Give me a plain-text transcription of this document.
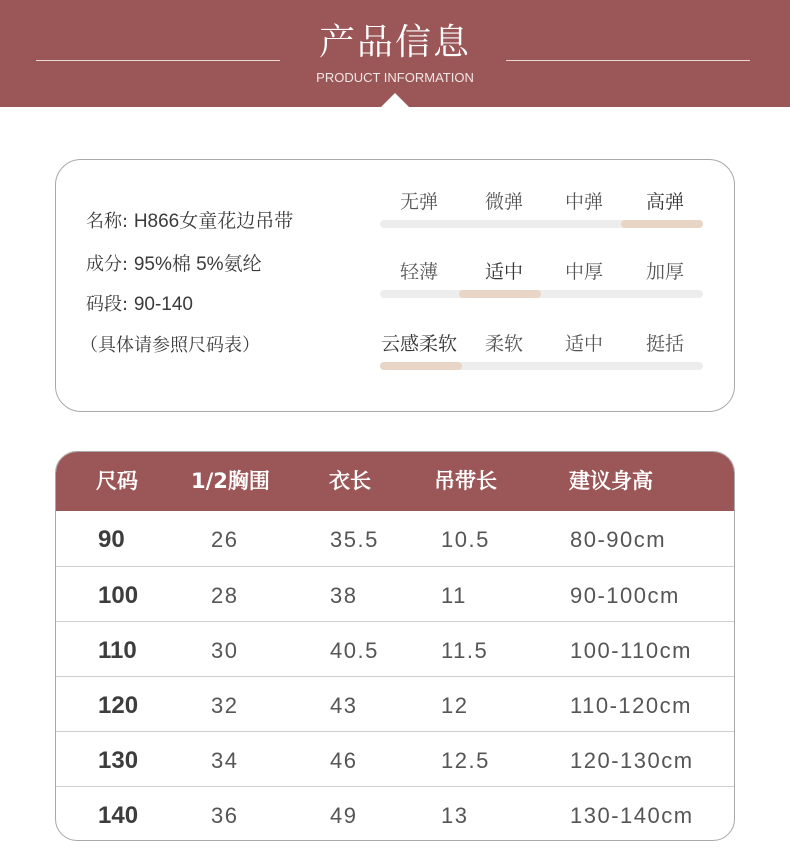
产品信息
PRODUCT INFORMATION
名称: H866女童花边吊带
成分: 95%棉 5%氨纶
码段: 90-140
（具体请参照尺码表）
无弹	微弹	中弹	高弹
轻薄	适中	中厚	加厚
云感柔软	柔软	适中	挺括
尺码	1/2胸围	衣长	吊带长	建议身高
90	26	35.5	10.5	80-90cm
100	28	38	11	90-100cm
110	30	40.5	11.5	100-110cm
120	32	43	12	110-120cm
130	34	46	12.5	120-130cm
140	36	49	13	130-140cm
